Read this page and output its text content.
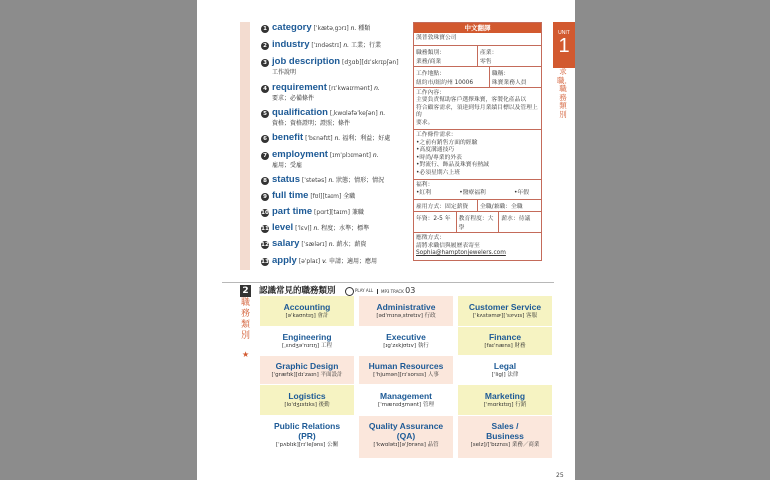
1 category [ˈkætəˌgɔrɪ] n. 種類
2 industry [ˈɪndəstrɪ] n. 工業；行業
3 job description [dʒɑb][dɪˈskrɪpʃən]
工作說明
4 requirement [rɪˈkwaɪrmənt] n.
要求；必備條件
5 qualification [ˌkwɑləfəˈkeʃən] n.
資格；資格證明；證照；條件
6 benefit [ˈbɛnəfɪt] n. 福利；利益；好處
7 employment [ɪmˈplɔɪmənt] n.
雇用；受雇
8 status [ˈstetəs] n. 狀態；情形；情況
9 full time [fʊl][taɪm] 全職
10 part time [pɑrt][taɪm] 兼職
11 level [ˈlɛvḷ] n. 程度；水準；標準
12 salary [ˈsælərɪ] n. 薪水；薪資
13 apply [əˈplaɪ] v. 申請；適用；應用
中文翻譯
漢普敦珠寶公司
職務類別：
業務/商業
產業：
零售
工作地點：
紐約市/紐約州 10006
職稱：
珠寶業務人員
工作內容：
主要負責幫助客戶選擇珠寶，客製化產品以
符合顧客需求，須達到每月業績目標以及管理上的
要求。
工作條件需求：
•之前有銷售方面的經驗
•高度溝通技巧
•時尚/專業的外表
•對流行、飾品及珠寶有熱誠
•必須星期六上班
福利：
•紅利	•醫療福利	•年假
雇用方式：固定薪資	全職/兼職：全職
年資：2-5 年	教育程度：大學
薪水：待議
應徵方式：
請將求職信與履歷表寄至
Sophia@hamptonjewelers.com
UNIT
1
求職．職務類別
2 認識常見的職務類別	PLAY ALL	MP3 TRACK 03
職務類別
★
Accounting
[əˈkaʊntɪŋ] 會計
Administrative
[ədˈmɪnəˌstretɪv] 行政
Customer Service
[ˈkʌstəmɚ][ˈsɝvɪs] 客服
Engineering
[ˌɛndʒəˈnɪrɪŋ] 工程
Executive
[ɪgˈzɛkjʊtɪv] 執行
Finance
[faɪˈnæns] 財務
Graphic Design
[ˈgræfɪk][dɪˈzaɪn] 平面設計
Human Resources
[ˈhjumən][rɪˈsorsɪs] 人事
Legal
[ˈligḷ] 法律
Logistics
[loˈdʒɪstɪks] 後勤
Management
[ˈmænɪdʒmənt] 管理
Marketing
[ˈmɑrkɪtɪŋ] 行銷
Public Relations
(PR)
[ˈpʌblɪk][rɪˈleʃəns] 公關
Quality Assurance
(QA)
[ˈkwɑlətɪ][əˈʃʊrəns] 品管
Sales /
Business
[selz]/[ˈbɪznɪs] 業務／商業
25
